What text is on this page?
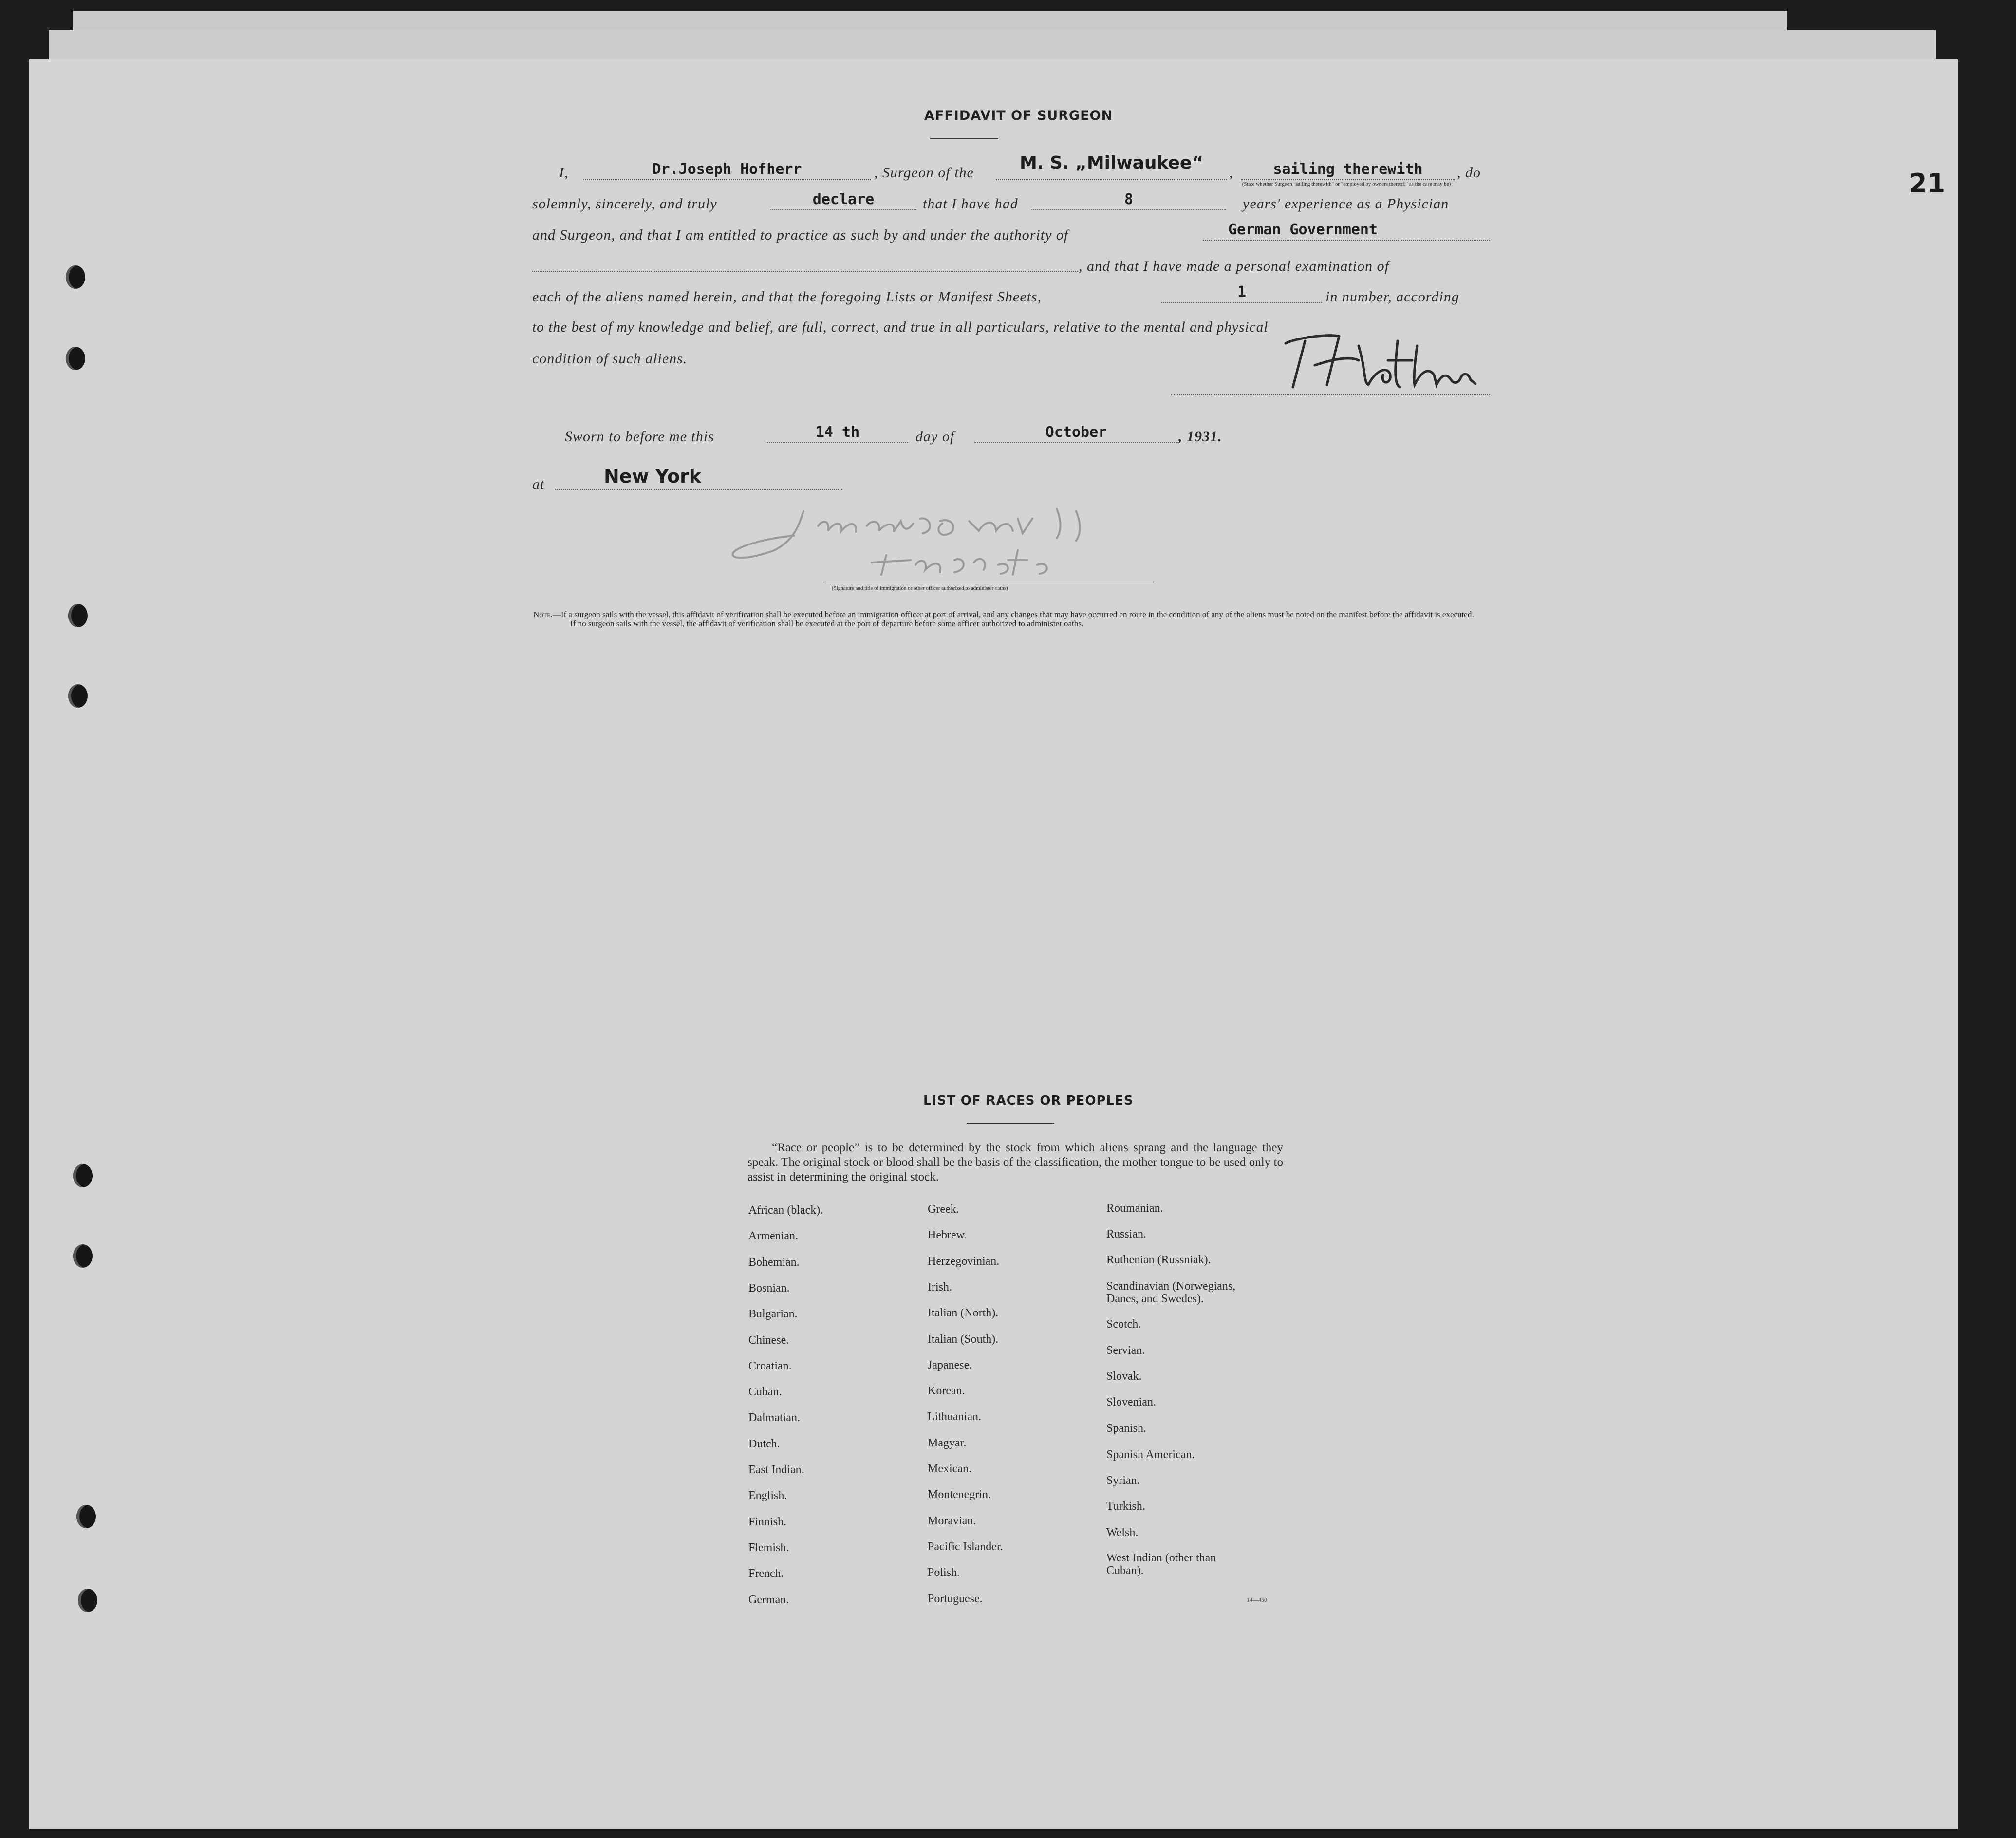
21
AFFIDAVIT OF SURGEON
I,	Dr.Joseph Hofherr	, Surgeon of the	M. S. „Milwaukee“	,	sailing therewith	, do
(State whether Surgeon "sailing therewith" or "employed by owners thereof," as the case may be)
solemnly, sincerely, and truly	declare	that I have had	8	years' experience as a Physician
and Surgeon, and that I am entitled to practice as such by and under the authority of	German Government
, and that I have made a personal examination of
each of the aliens named herein, and that the foregoing Lists or Manifest Sheets,	1	in number, according
to the best of my knowledge and belief, are full, correct, and true in all particulars, relative to the mental and physical
condition of such aliens.
Sworn to before me this	14 th	day of	October	, 1931.
at	New York
(Signature and title of immigration or other officer authorized to administer oaths)
Note.—If a surgeon sails with the vessel, this affidavit of verification shall be executed before an immigration officer at port of arrival, and any changes that may have occurred en route in the condition of any of the aliens must be noted on the manifest before the affidavit is executed.
If no surgeon sails with the vessel, the affidavit of verification shall be executed at the port of departure before some officer authorized to administer oaths.
LIST OF RACES OR PEOPLES
“Race or people” is to be determined by the stock from which aliens sprang and the language they speak. The original stock or blood shall be the basis of the classification, the mother tongue to be used only to assist in determining the original stock.
African (black).
Armenian.
Bohemian.
Bosnian.
Bulgarian.
Chinese.
Croatian.
Cuban.
Dalmatian.
Dutch.
East Indian.
English.
Finnish.
Flemish.
French.
German.
Greek.
Hebrew.
Herzegovinian.
Irish.
Italian (North).
Italian (South).
Japanese.
Korean.
Lithuanian.
Magyar.
Mexican.
Montenegrin.
Moravian.
Pacific Islander.
Polish.
Portuguese.
Roumanian.
Russian.
Ruthenian (Russniak).
Scandinavian (Norwegians,
Danes, and Swedes).
Scotch.
Servian.
Slovak.
Slovenian.
Spanish.
Spanish American.
Syrian.
Turkish.
Welsh.
West Indian (other than
Cuban).
14—450
